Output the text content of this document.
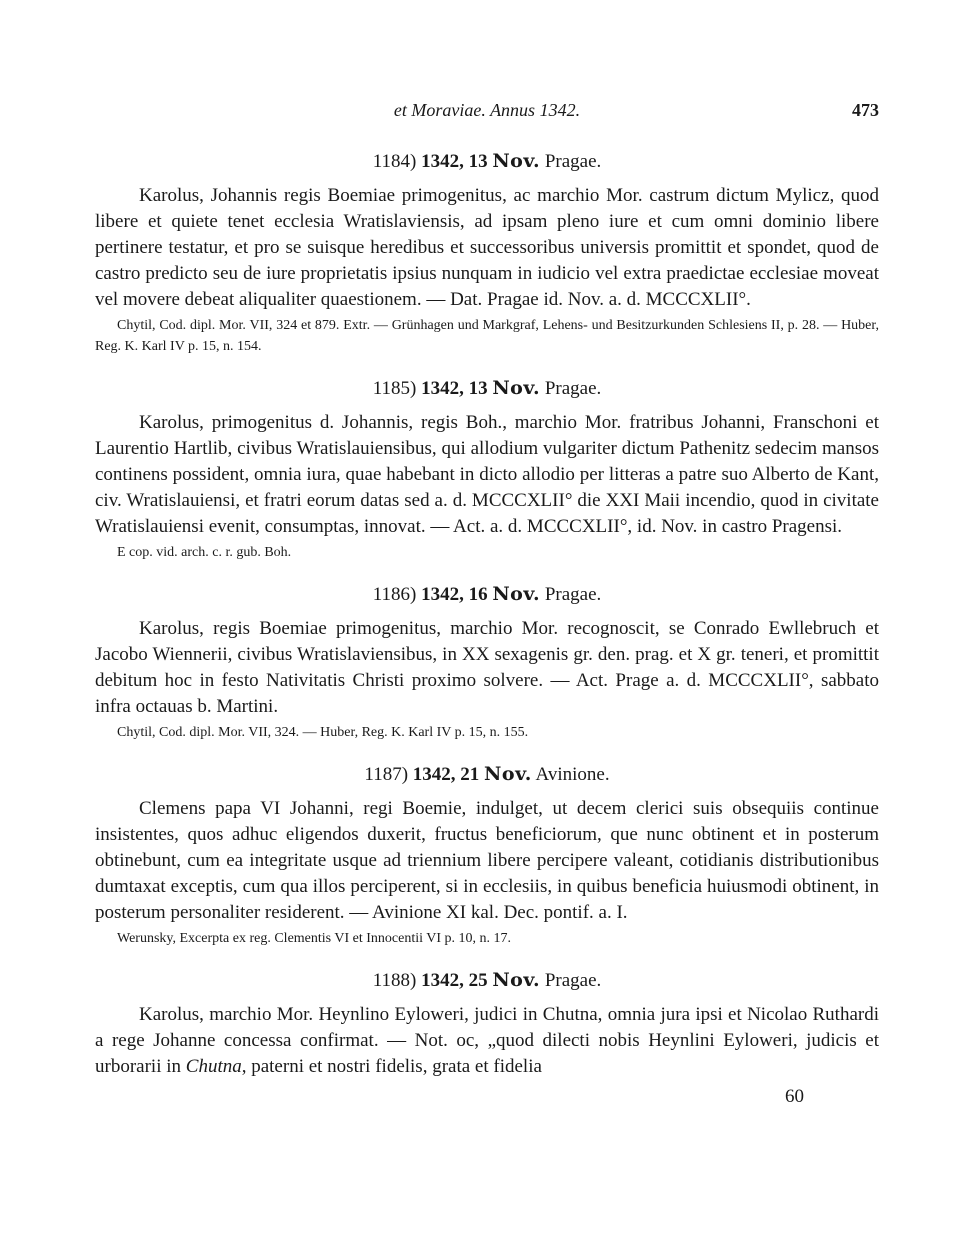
et Moraviae. Annus 1342.	473
1184) 1342, 13 Nov. Pragae.

Karolus, Johannis regis Boemiae primogenitus, ac marchio Mor. castrum dictum Mylicz, quod libere et quiete tenet ecclesia Wratislaviensis, ad ipsam pleno iure et cum omni dominio libere pertinere testatur, et pro se suisque heredibus et successoribus universis promittit et spondet, quod de castro predicto seu de iure proprietatis ipsius nunquam in iudicio vel extra praedictae ecclesiae moveat vel movere debeat aliqualiter quaestionem. — Dat. Pragae id. Nov. a. d. MCCCXLII°.

Chytil, Cod. dipl. Mor. VII, 324 et 879. Extr. — Grünhagen und Markgraf, Lehens- und Besitzurkunden Schlesiens II, p. 28. — Huber, Reg. K. Karl IV p. 15, n. 154.

1185) 1342, 13 Nov. Pragae.

Karolus, primogenitus d. Johannis, regis Boh., marchio Mor. fratribus Johanni, Franschoni et Laurentio Hartlib, civibus Wratislauiensibus, qui allodium vulgariter dictum Pathenitz sedecim mansos continens possident, omnia iura, quae habebant in dicto allodio per litteras a patre suo Alberto de Kant, civ. Wratislauiensi, et fratri eorum datas sed a. d. MCCCXLII° die XXI Maii incendio, quod in civitate Wratislauiensi evenit, consumptas, innovat. — Act. a. d. MCCCXLII°, id. Nov. in castro Pragensi.

E cop. vid. arch. c. r. gub. Boh.

1186) 1342, 16 Nov. Pragae.

Karolus, regis Boemiae primogenitus, marchio Mor. recognoscit, se Conrado Ewllebruch et Jacobo Wiennerii, civibus Wratislaviensibus, in XX sexagenis gr. den. prag. et X gr. teneri, et promittit debitum hoc in festo Nativitatis Christi proximo solvere. — Act. Prage a. d. MCCCXLII°, sabbato infra octauas b. Martini.

Chytil, Cod. dipl. Mor. VII, 324. — Huber, Reg. K. Karl IV p. 15, n. 155.

1187) 1342, 21 Nov. Avinione.

Clemens papa VI Johanni, regi Boemie, indulget, ut decem clerici suis obsequiis continue insistentes, quos adhuc eligendos duxerit, fructus beneficiorum, que nunc obtinent et in posterum obtinebunt, cum ea integritate usque ad triennium libere percipere valeant, cotidianis distributionibus dumtaxat exceptis, cum qua illos perciperent, si in ecclesiis, in quibus beneficia huiusmodi obtinent, in posterum personaliter residerent. — Avinione XI kal. Dec. pontif. a. I.

Werunsky, Excerpta ex reg. Clementis VI et Innocentii VI p. 10, n. 17.

1188) 1342, 25 Nov. Pragae.

Karolus, marchio Mor. Heynlino Eyloweri, judici in Chutna, omnia jura ipsi et Nicolao Ruthardi a rege Johanne concessa confirmat. — Not. oc, „quod dilecti nobis Heynlini Eyloweri, judicis et urborarii in Chutna, paterni et nostri fidelis, grata et fidelia

60
